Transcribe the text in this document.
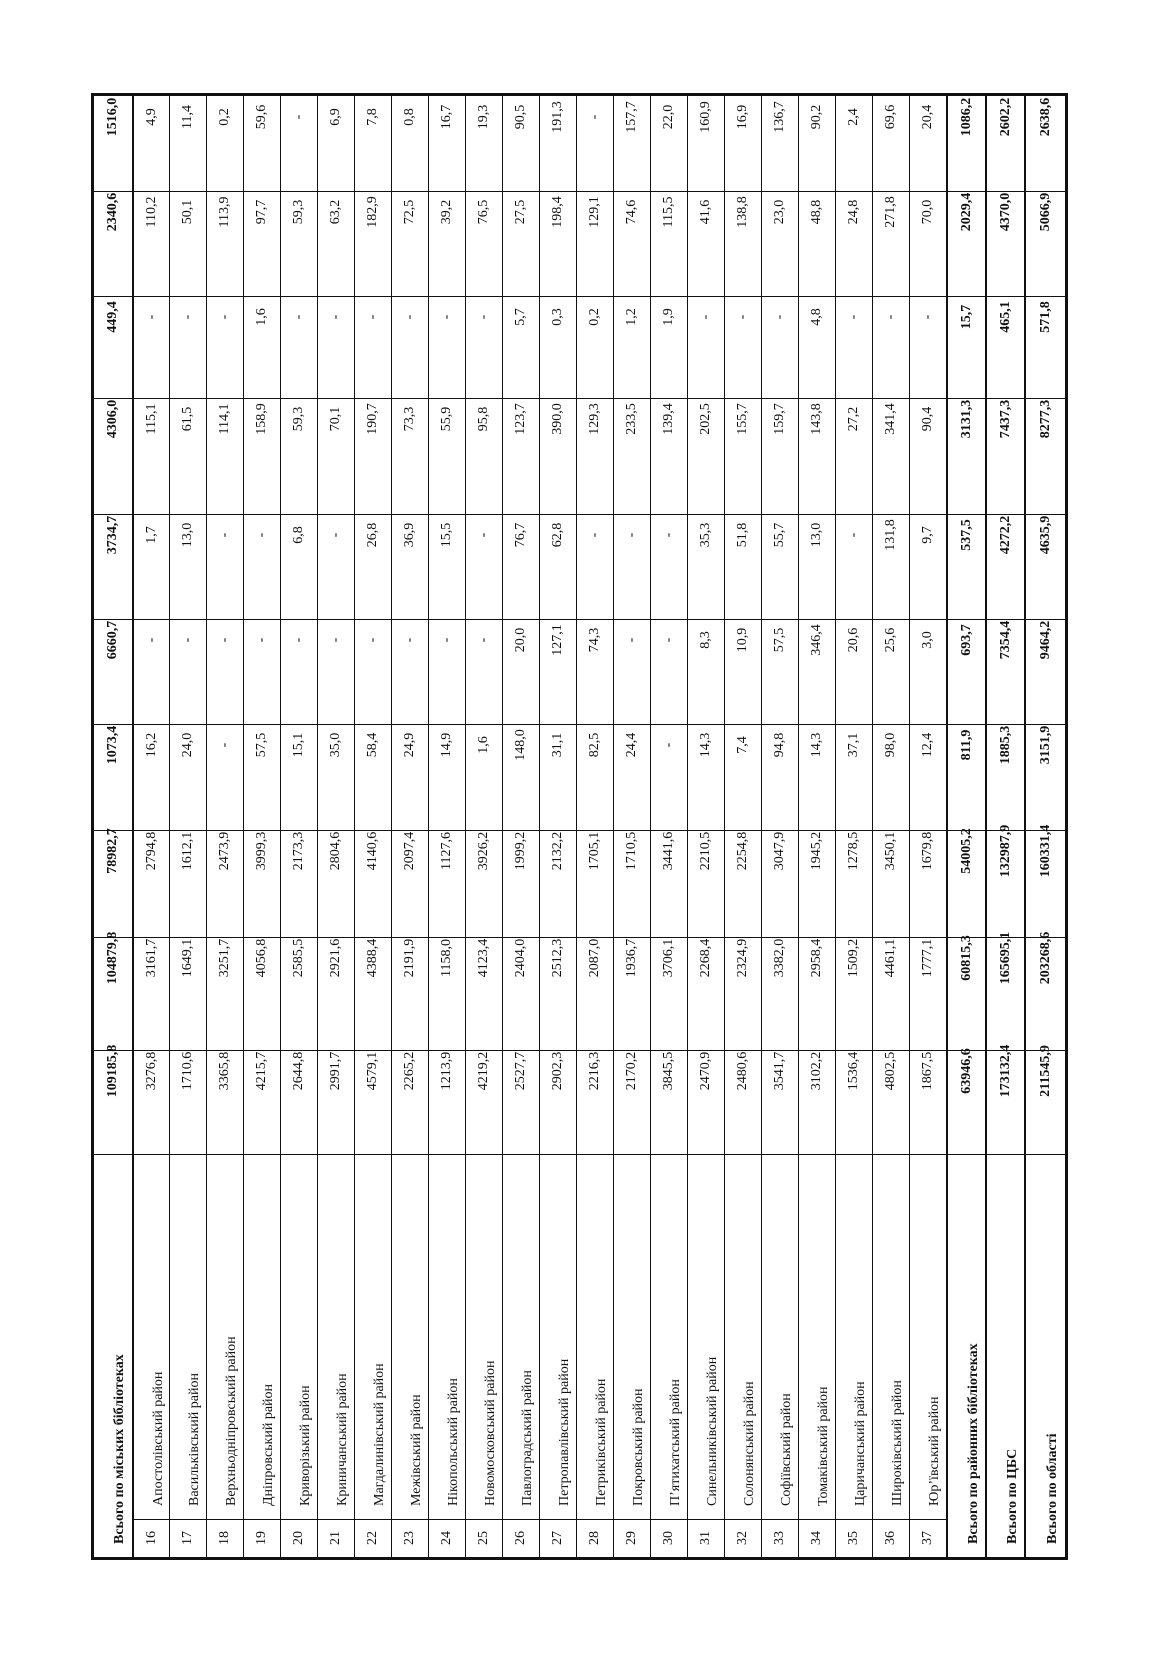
1516,0
2340,6
449,4
4306,0
3734,7
6660,7
1073,4
78982,7
104879,8
109185,8
Всього по міських бібліотеках
4,9
110,2
-
115,1
1,7
-
16,2
2794,8
3161,7
3276,8
Апостолівський район
16
11,4
50,1
-
61,5
13,0
-
24,0
1612,1
1649,1
1710,6
Васильківський район
17
0,2
113,9
-
114,1
-
-
-
2473,9
3251,7
3365,8
Верхньодніпровський район
18
59,6
97,7
1,6
158,9
-
-
57,5
3999,3
4056,8
4215,7
Дніпровський район
19
-
59,3
-
59,3
6,8
-
15,1
2173,3
2585,5
2644,8
Криворізький район
20
6,9
63,2
-
70,1
-
-
35,0
2804,6
2921,6
2991,7
Криничанський район
21
7,8
182,9
-
190,7
26,8
-
58,4
4140,6
4388,4
4579,1
Магдалинівський район
22
0,8
72,5
-
73,3
36,9
-
24,9
2097,4
2191,9
2265,2
Межівський район
23
16,7
39,2
-
55,9
15,5
-
14,9
1127,6
1158,0
1213,9
Нікопольський район
24
19,3
76,5
-
95,8
-
-
1,6
3926,2
4123,4
4219,2
Новомосковський район
25
90,5
27,5
5,7
123,7
76,7
20,0
148,0
1999,2
2404,0
2527,7
Павлоградський район
26
191,3
198,4
0,3
390,0
62,8
127,1
31,1
2132,2
2512,3
2902,3
Петропавлівський район
27
-
129,1
0,2
129,3
-
74,3
82,5
1705,1
2087,0
2216,3
Петриківський район
28
157,7
74,6
1,2
233,5
-
-
24,4
1710,5
1936,7
2170,2
Покровський район
29
22,0
115,5
1,9
139,4
-
-
-
3441,6
3706,1
3845,5
П’ятихатський район
30
160,9
41,6
-
202,5
35,3
8,3
14,3
2210,5
2268,4
2470,9
Синельниківський район
31
16,9
138,8
-
155,7
51,8
10,9
7,4
2254,8
2324,9
2480,6
Солонянський район
32
136,7
23,0
-
159,7
55,7
57,5
94,8
3047,9
3382,0
3541,7
Софіївський район
33
90,2
48,8
4,8
143,8
13,0
346,4
14,3
1945,2
2958,4
3102,2
Томаківський район
34
2,4
24,8
-
27,2
-
20,6
37,1
1278,5
1509,2
1536,4
Царичанський район
35
69,6
271,8
-
341,4
131,8
25,6
98,0
3450,1
4461,1
4802,5
Широківський район
36
20,4
70,0
-
90,4
9,7
3,0
12,4
1679,8
1777,1
1867,5
Юр’ївський район
37
1086,2
2029,4
15,7
3131,3
537,5
693,7
811,9
54005,2
60815,3
63946,6
Всього по районних бібліотеках
2602,2
4370,0
465,1
7437,3
4272,2
7354,4
1885,3
132987,9
165695,1
173132,4
Всього по ЦБС
2638,6
5066,9
571,8
8277,3
4635,9
9464,2
3151,9
160331,4
203268,6
211545,9
Всього по області
